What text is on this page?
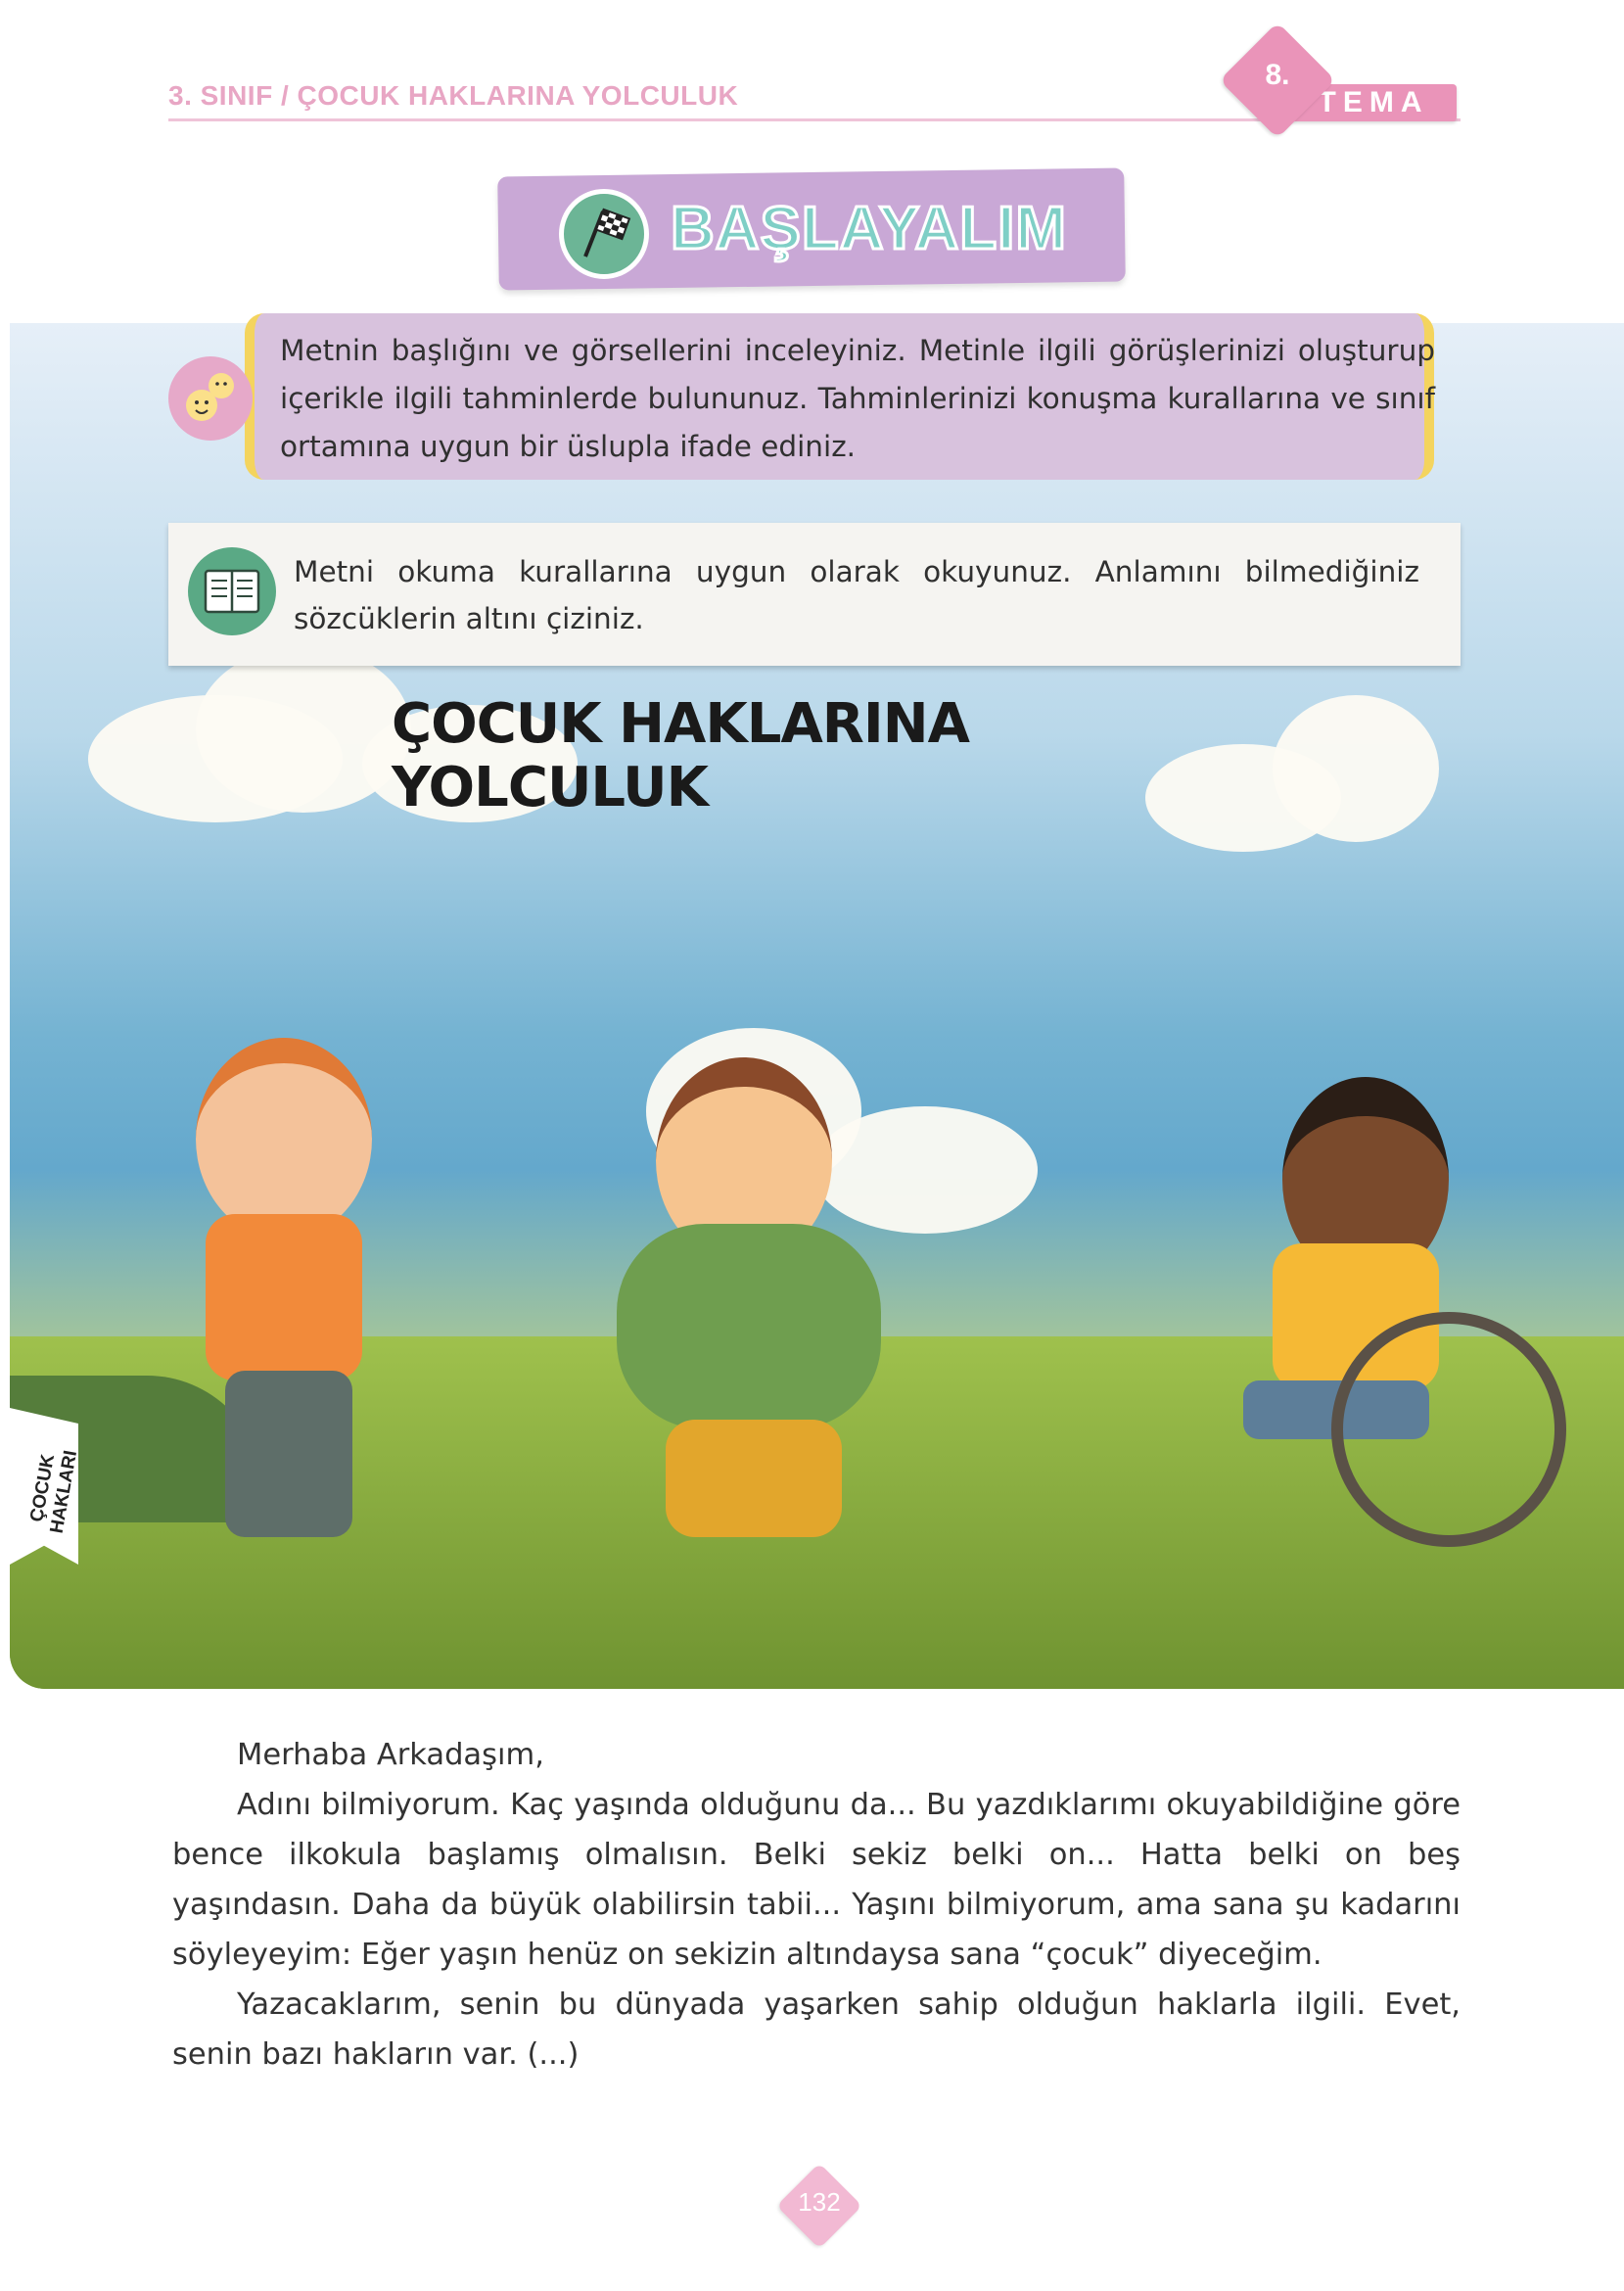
3. SINIF / ÇOCUK HAKLARINA YOLCULUK	TEMA
8.
BAŞLAYALIM
Metnin başlığını ve görsellerini inceleyiniz. Metinle ilgili görüşlerinizi oluşturup içerikle ilgili tahminlerde bulununuz. Tahminlerinizi konuşma kurallarına ve sınıf ortamına uygun bir üslupla ifade ediniz.
Metni okuma kurallarına uygun olarak okuyunuz. Anlamını bilmediğiniz sözcüklerin altını çiziniz.
ÇOCUK HAKLARINA YOLCULUK
ÇOCUK HAKLARI

Merhaba Arkadaşım,

Adını bilmiyorum. Kaç yaşında olduğunu da... Bu yazdıklarımı okuyabildiğine göre bence ilkokula başlamış olmalısın. Belki sekiz belki on... Hatta belki on beş yaşındasın. Daha da büyük olabilirsin tabii... Yaşını bilmiyorum, ama sana şu kadarını söyleyeyim: Eğer yaşın henüz on sekizin altındaysa sana “çocuk” diyeceğim.

Yazacaklarım, senin bu dünyada yaşarken sahip olduğun haklarla ilgili. Evet, senin bazı hakların var. (...)

132
